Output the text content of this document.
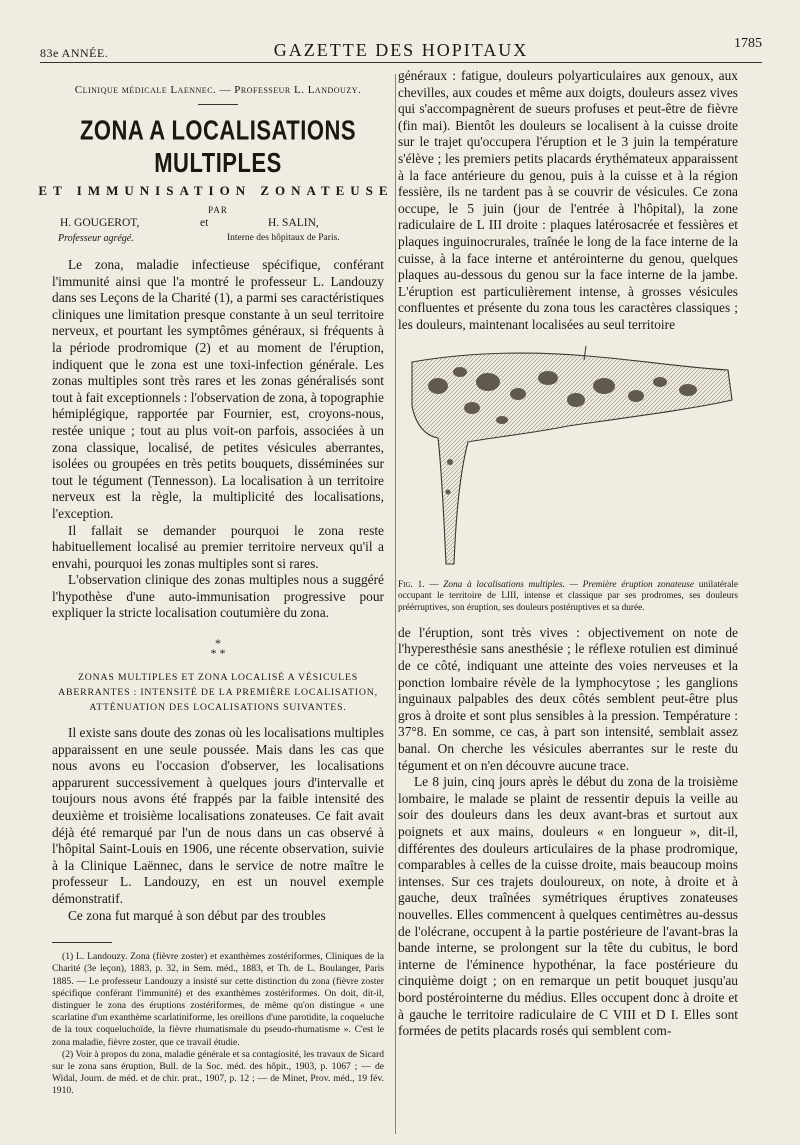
83e ANNÉE.	GAZETTE DES HOPITAUX	1785
Clinique médicale Laennec. — Professeur L. Landouzy.
ZONA A LOCALISATIONS MULTIPLES
ET IMMUNISATION ZONATEUSE
PAR
H. GOUGEROT,	et	H. SALIN,
Professeur agrégé.	Interne des hôpitaux de Paris.

Le zona, maladie infectieuse spécifique, conférant l'immunité ainsi que l'a montré le professeur L. Landouzy dans ses Leçons de la Charité (1), a parmi ses caractéristiques cliniques une limitation presque constante à un seul territoire nerveux, et pourtant les symptômes généraux, si fréquents à la période prodromique (2) et au moment de l'éruption, indiquent que le zona est une toxi-infection générale. Les zonas multiples sont très rares et les zonas généralisés sont tout à fait exceptionnels : l'observation de zona, à topographie hémiplégique, rapportée par Fournier, est, croyons-nous, restée unique ; tout au plus voit-on parfois, associées à un zona classique, localisé, de petites vésicules aberrantes, isolées ou groupées en très petits bouquets, disséminées sur tout le tégument (Tennesson). La localisation à un territoire nerveux est la règle, la multiplicité des localisations, l'exception.

Il fallait se demander pourquoi le zona reste habituellement localisé au premier territoire nerveux qu'il a envahi, pourquoi les zonas multiples sont si rares.

L'observation clinique des zonas multiples nous a suggéré l'hypothèse d'une auto-immunisation progressive pour expliquer la stricte localisation coutumière du zona.

*
* *
ZONAS MULTIPLES ET ZONA LOCALISÉ A VÉSICULES ABERRANTES : INTENSITÉ DE LA PREMIÈRE LOCALISATION, ATTÉNUATION DES LOCALISATIONS SUIVANTES.

Il existe sans doute des zonas où les localisations multiples apparaissent en une seule poussée. Mais dans les cas que nous avons eu l'occasion d'observer, les localisations apparurent successivement à quelques jours d'intervalle et toujours nous avons été frappés par la faible intensité des deuxième et troisième localisations zonateuses. Ce fait avait déjà été remarqué par l'un de nous dans un cas observé à l'hôpital Saint-Louis en 1906, une récente observation, suivie à la Clinique Laënnec, dans le service de notre maître le professeur L. Landouzy, en est un nouvel exemple démonstratif.

Ce zona fut marqué à son début par des troubles

(1) L. Landouzy. Zona (fièvre zoster) et exanthèmes zostériformes, Cliniques de la Charité (3e leçon), 1883, p. 32, in Sem. méd., 1883, et Th. de L. Boulanger, Paris 1885. — Le professeur Landouzy a insisté sur cette distinction du zona (fièvre zoster spécifique conférant l'immunité) et des exanthèmes zostériformes. On doit, dit-il, distinguer le zona des éruptions zostériformes, de même qu'on distingue « une scarlatine d'un exanthème scarlatiniforme, les oreillons d'une parotidite, la coqueluche de la toux coqueluchoïde, la fièvre rhumatismale du pseudo-rhumatisme ». C'est le zona maladie, fièvre zoster, que ce travail étudie.

(2) Voir à propos du zona, maladie générale et sa contagiosité, les travaux de Sicard sur le zona sans éruption, Bull. de la Soc. méd. des hôpit., 1903, p. 1067 ; — de Widal, Journ. de méd. et de chir. prat., 1907, p. 12 ; — de Minet, Prov. méd., 19 fév. 1910.

généraux : fatigue, douleurs polyarticulaires aux genoux, aux chevilles, aux coudes et même aux doigts, douleurs assez vives qui s'accompagnèrent de sueurs profuses et peut-être de fièvre (fin mai). Bientôt les douleurs se localisent à la cuisse droite sur le trajet qu'occupera l'éruption et le 3 juin la température s'élève ; les premiers petits placards érythémateux apparaissent à la face antérieure du genou, puis à la cuisse et à la région fessière, ils ne tardent pas à se couvrir de vésicules. Ce zona occupe, le 5 juin (jour de l'entrée à l'hôpital), la zone radiculaire de L III droite : plaques latérosacrée et fessières et plaques inguinocrurales, traînée le long de la face interne de la cuisse, à la face interne et antérointerne du genou, quelques plaques au-dessous du genou sur la face interne de la jambe. L'éruption est particulièrement intense, à grosses vésicules confluentes et présente du zona tous les caractères classiques ; les douleurs, maintenant localisées au seul territoire

Fig. 1. — Zona à localisations multiples. — Première éruption zonateuse unilatérale occupant le territoire de LIII, intense et classique par ses prodromes, ses douleurs préérruptives, son éruption, ses douleurs postéruptives et sa durée.

de l'éruption, sont très vives : objectivement on note de l'hyperesthésie sans anesthésie ; le réflexe rotulien est diminué de ce côté, indiquant une atteinte des voies nerveuses et la ponction lombaire révèle de la lymphocytose ; les ganglions inguinaux palpables des deux côtés semblent peut-être plus gros à droite et sont plus sensibles à la pression. Température : 37°8. En somme, ce cas, à part son intensité, semblait assez banal. On cherche les vésicules aberrantes sur le reste du tégument et on n'en découvre aucune trace.

Le 8 juin, cinq jours après le début du zona de la troisième lombaire, le malade se plaint de ressentir depuis la veille au soir des douleurs dans les deux avant-bras et surtout aux poignets et aux mains, douleurs « en longueur », dit-il, différentes des douleurs articulaires de la phase prodromique, comparables à celles de la cuisse droite, mais beaucoup moins intenses. Sur ces trajets douloureux, on note, à droite et à gauche, deux traînées symétriques éruptives zonateuses nouvelles. Elles commencent à quelques centimètres au-dessus de l'olécrane, occupent à la partie postérieure de l'avant-bras la bande interne, se prolongent sur la tête du cubitus, le bord interne de l'éminence hypothénar, la face postérieure du cinquième doigt ; on en remarque un petit bouquet jusqu'au bord postérointerne du médius. Elles occupent donc à droite et à gauche le territoire radiculaire de C VIII et D I. Elles sont formées de petits placards rosés qui semblent com-
